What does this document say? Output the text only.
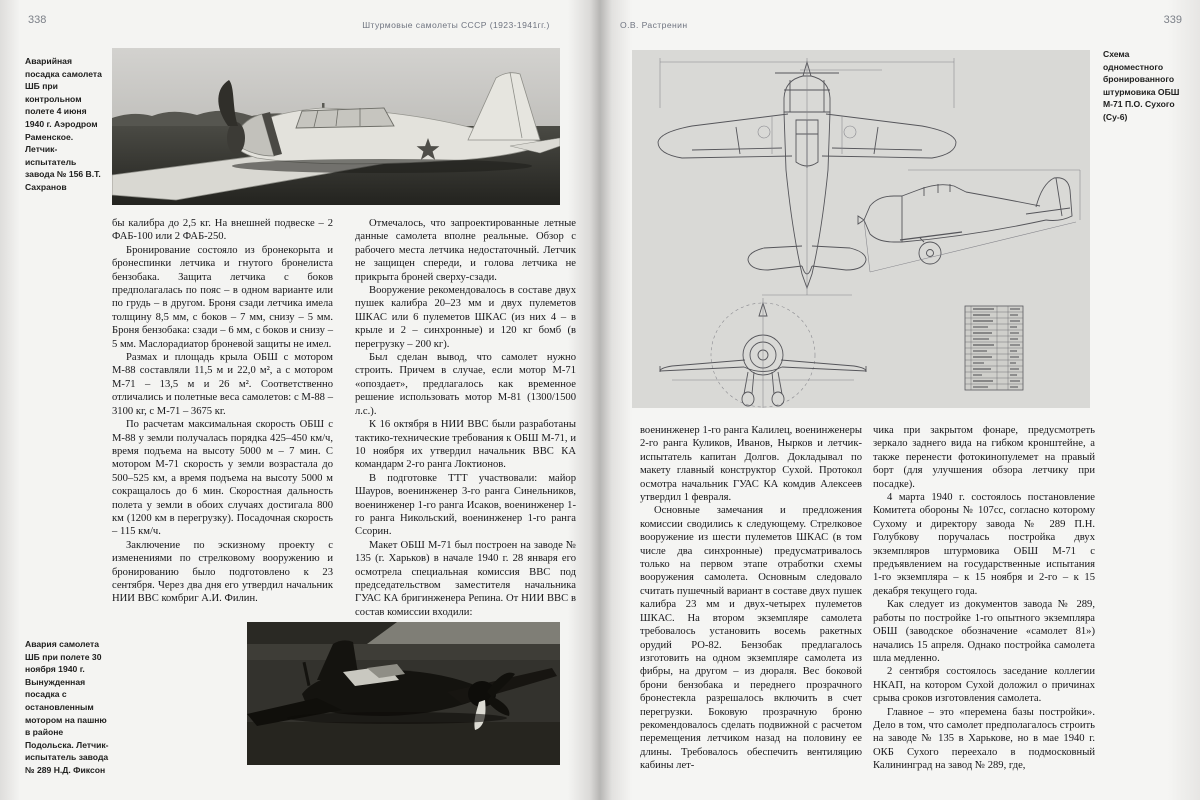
338	Штурмовые самолеты СССР (1923-1941гг.)
Аварийная посадка самолета ШБ при контрольном полете 4 июня 1940 г. Аэродром Раменское. Летчик-испытатель завода № 156 В.Т. Сахранов

бы калибра до 2,5 кг. На внешней подвеске – 2 ФАБ-100 или 2 ФАБ-250.

Бронирование состояло из бронекорыта и бронеспинки летчика и гнутого бронелиста бензобака. Защита летчика с боков предполагалась по пояс – в одном варианте или по грудь – в другом. Броня сзади летчика имела толщину 8,5 мм, с боков – 7 мм, снизу – 5 мм. Броня бензобака: сзади – 6 мм, с боков и снизу – 5 мм. Маслорадиатор броневой защиты не имел.

Размах и площадь крыла ОБШ с мотором М-88 составляли 11,5 м и 22,0 м², а с мотором М-71 – 13,5 м и 26 м². Соответственно отличались и полетные веса самолетов: с М-88 – 3100 кг, с М-71 – 3675 кг.

По расчетам максимальная скорость ОБШ с М-88 у земли получалась порядка 425–450 км/ч, время подъема на высоту 5000 м – 7 мин. С мотором М-71 скорость у земли возрастала до 500–525 км, а время подъема на высоту 5000 м сокращалось до 6 мин. Скоростная дальность полета у земли в обоих случаях достигала 800 км (1200 км в перегрузку). Посадочная скорость – 115 км/ч.

Заключение по эскизному проекту с изменениями по стрелковому вооружению и бронированию было подготовлено к 23 сентября. Через два дня его утвердил начальник НИИ ВВС комбриг А.И. Филин.

Отмечалось, что запроектированные летные данные самолета вполне реальные. Обзор с рабочего места летчика недостаточный. Летчик не защищен спереди, и голова летчика не прикрыта броней сверху-сзади.

Вооружение рекомендовалось в составе двух пушек калибра 20–23 мм и двух пулеметов ШКАС или 6 пулеметов ШКАС (из них 4 – в крыле и 2 – синхронные) и 120 кг бомб (в перегрузку – 200 кг).

Был сделан вывод, что самолет нужно строить. Причем в случае, если мотор М-71 «опоздает», предлагалось как временное решение использовать мотор М-81 (1300/1500 л.с.).

К 16 октября в НИИ ВВС были разработаны тактико-технические требования к ОБШ М-71, и 10 ноября их утвердил начальник ВВС КА командарм 2-го ранга Локтионов.

В подготовке ТТТ участвовали: майор Шауров, военинженер 3-го ранга Синельников, военинженер 1-го ранга Исаков, военинженер 1-го ранга Никольский, военинженер 1-го ранга Ссорин.

Макет ОБШ М-71 был построен на заводе № 135 (г. Харьков) в начале 1940 г. 28 января его осмотрела специальная комиссия ВВС под председательством заместителя начальника ГУАС КА бригинженера Репина. От НИИ ВВС в состав комиссии входили:

Авария самолета ШБ при полете 30 ноября 1940 г. Вынужденная посадка с остановленным мотором на пашню в районе Подольска. Летчик-испытатель завода № 289 Н.Д. Фиксон
339
О.В. Растренин
Схема одноместного бронированного штурмовика ОБШ М-71 П.О. Сухого (Су-6)

военинженер 1-го ранга Калилец, военинженеры 2-го ранга Куликов, Иванов, Нырков и летчик-испытатель капитан Долгов. Докладывал по макету главный конструктор Сухой. Протокол осмотра начальник ГУАС КА комдив Алексеев утвердил 1 февраля.

Основные замечания и предложения комиссии сводились к следующему. Стрелковое вооружение из шести пулеметов ШКАС (в том числе два синхронные) предусматривалось только на первом этапе отработки схемы вооружения самолета. Основным следовало считать пушечный вариант в составе двух пушек калибра 23 мм и двух-четырех пулеметов ШКАС. На втором экземпляре самолета требовалось установить восемь ракетных орудий РО-82. Бензобак предлагалось изготовить на одном экземпляре самолета из фибры, на другом – из дюраля. Вес боковой брони бензобака и переднего прозрачного бронестекла разрешалось включить в счет перегрузки. Боковую прозрачную броню рекомендовалось сделать подвижной с расчетом перемещения летчиком назад на половину ее длины. Требовалось обеспечить вентиляцию кабины лет-

чика при закрытом фонаре, предусмотреть зеркало заднего вида на гибком кронштейне, а также перенести фотокинопулемет на правый борт (для улучшения обзора летчику при посадке).

4 марта 1940 г. состоялось постановление Комитета обороны № 107сс, согласно которому Сухому и директору завода № 289 П.Н. Голубкову поручалась постройка двух экземпляров штурмовика ОБШ М-71 с предъявлением на государственные испытания 1-го экземпляра – к 15 ноября и 2-го – к 15 декабря текущего года.

Как следует из документов завода № 289, работы по постройке 1-го опытного экземпляра ОБШ (заводское обозначение «самолет 81») начались 15 апреля. Однако постройка самолета шла медленно.

2 сентября состоялось заседание коллегии НКАП, на котором Сухой доложил о причинах срыва сроков изготовления самолета.

Главное – это «перемена базы постройки». Дело в том, что самолет предполагалось строить на заводе № 135 в Харькове, но в мае 1940 г. ОКБ Сухого переехало в подмосковный Калининград на завод № 289, где,
